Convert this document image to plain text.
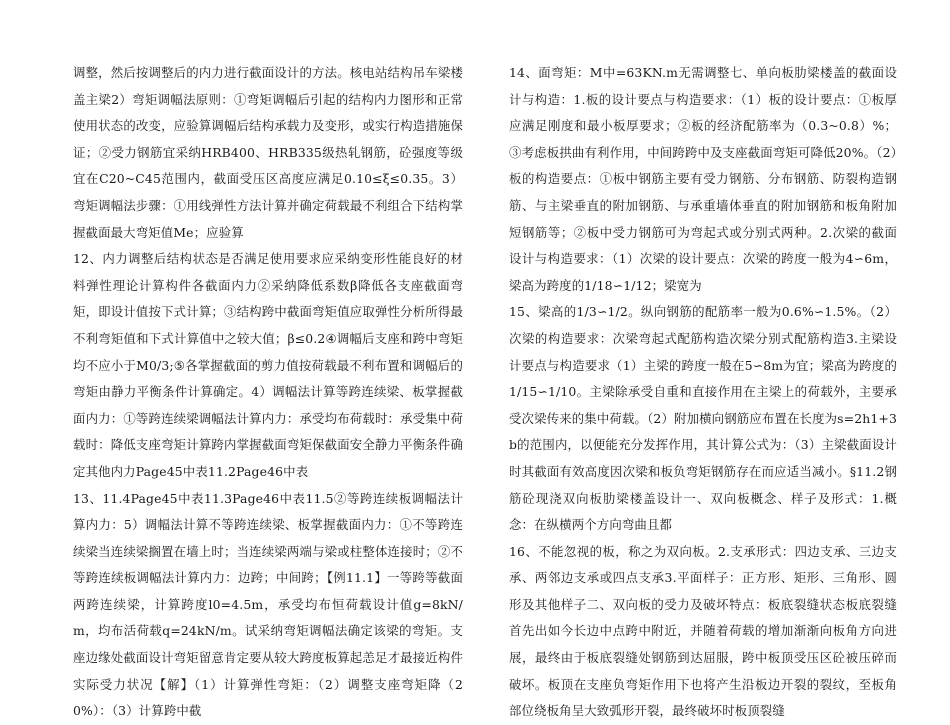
调整，然后按调整后的内力进行截面设计的方法。核电站结构吊车梁楼盖主梁2）弯矩调幅法原则：①弯矩调幅后引起的结构内力图形和正常使用状态的改变，应验算调幅后结构承载力及变形，或实行构造措施保证；②受力钢筋宜采纳HRB400、HRB335级热轧钢筋，砼强度等级宜在C20~C45范围内，截面受压区高度应满足0.10≤ξ≤0.35。3）弯矩调幅法步骤：①用线弹性方法计算并确定荷载最不利组合下结构掌握截面最大弯矩值Me；应验算

12、内力调整后结构状态是否满足使用要求应采纳变形性能良好的材料弹性理论计算构件各截面内力②采纳降低系数β降低各支座截面弯矩，即设计值按下式计算；③结构跨中截面弯矩值应取弹性分析所得最不利弯矩值和下式计算值中之较大值；β≤0.2④调幅后支座和跨中弯矩均不应小于M0/3;⑤各掌握截面的剪力值按荷载最不利布置和调幅后的弯矩由静力平衡条件计算确定。4）调幅法计算等跨连续梁、板掌握截面内力：①等跨连续梁调幅法计算内力：承受均布荷载时：承受集中荷载时：降低支座弯矩计算跨内掌握截面弯矩保截面安全静力平衡条件确定其他内力Page45中表11.2Page46中表

13、11.4Page45中表11.3Page46中表11.5②等跨连续板调幅法计算内力：5）调幅法计算不等跨连续梁、板掌握截面内力：①不等跨连续梁当连续梁搁置在墙上时；当连续梁两端与梁或柱整体连接时；②不等跨连续板调幅法计算内力：边跨；中间跨；【例11.1】一等跨等截面两跨连续梁，计算跨度l0=4.5m，承受均布恒荷载设计值g=8kN/m，均布活荷载q=24kN/m。试采纳弯矩调幅法确定该梁的弯矩。支座边缘处截面设计弯矩留意肯定要从较大跨度板算起恙足才最接近构件实际受力状况【解】（1）计算弹性弯矩：（2）调整支座弯矩降（20%）：（3）计算跨中截

14、面弯矩：M中=63KN.m无需调整七、单向板肋梁楼盖的截面设计与构造：1.板的设计要点与构造要求：（1）板的设计要点：①板厚应满足刚度和最小板厚要求；②板的经济配筋率为（0.3~0.8）%；③考虑板拱曲有利作用，中间跨跨中及支座截面弯矩可降低20%。（2）板的构造要点：①板中钢筋主要有受力钢筋、分布钢筋、防裂构造钢筋、与主梁垂直的附加钢筋、与承重墙体垂直的附加钢筋和板角附加短钢筋等；②板中受力钢筋可为弯起式或分别式两种。2.次梁的截面设计与构造要求：（1）次梁的设计要点：次梁的跨度一般为4∽6m，梁高为跨度的1/18∽1/12；梁宽为

15、梁高的1/3∽1/2。纵向钢筋的配筋率一般为0.6%∽1.5%。（2）次梁的构造要求：次梁弯起式配筋构造次梁分别式配筋构造3.主梁设计要点与构造要求（1）主梁的跨度一般在5∽8m为宜；梁高为跨度的1/15∽1/10。主梁除承受自重和直接作用在主梁上的荷载外，主要承受次梁传来的集中荷载。（2）附加横向钢筋应布置在长度为s=2h1+3b的范围内，以便能充分发挥作用，其计算公式为：（3）主梁截面设计时其截面有效高度因次梁和板负弯矩钢筋存在而应适当减小。§11.2钢筋砼现浇双向板肋梁楼盖设计一、双向板概念、样子及形式：1.概念：在纵横两个方向弯曲且都

16、不能忽视的板，称之为双向板。2.支承形式：四边支承、三边支承、两邻边支承或四点支承3.平面样子：正方形、矩形、三角形、圆形及其他样子二、双向板的受力及破坏特点：板底裂缝状态板底裂缝首先出如今长边中点跨中附近，并随着荷载的增加渐渐向板角方向进展，最终由于板底裂缝处钢筋到达屈服，跨中板顶受压区砼被压碎而破坏。板顶在支座负弯矩作用下也将产生沿板边开裂的裂纹，至板角部位绕板角呈大致弧形开裂，最终破坏时板顶裂缝
